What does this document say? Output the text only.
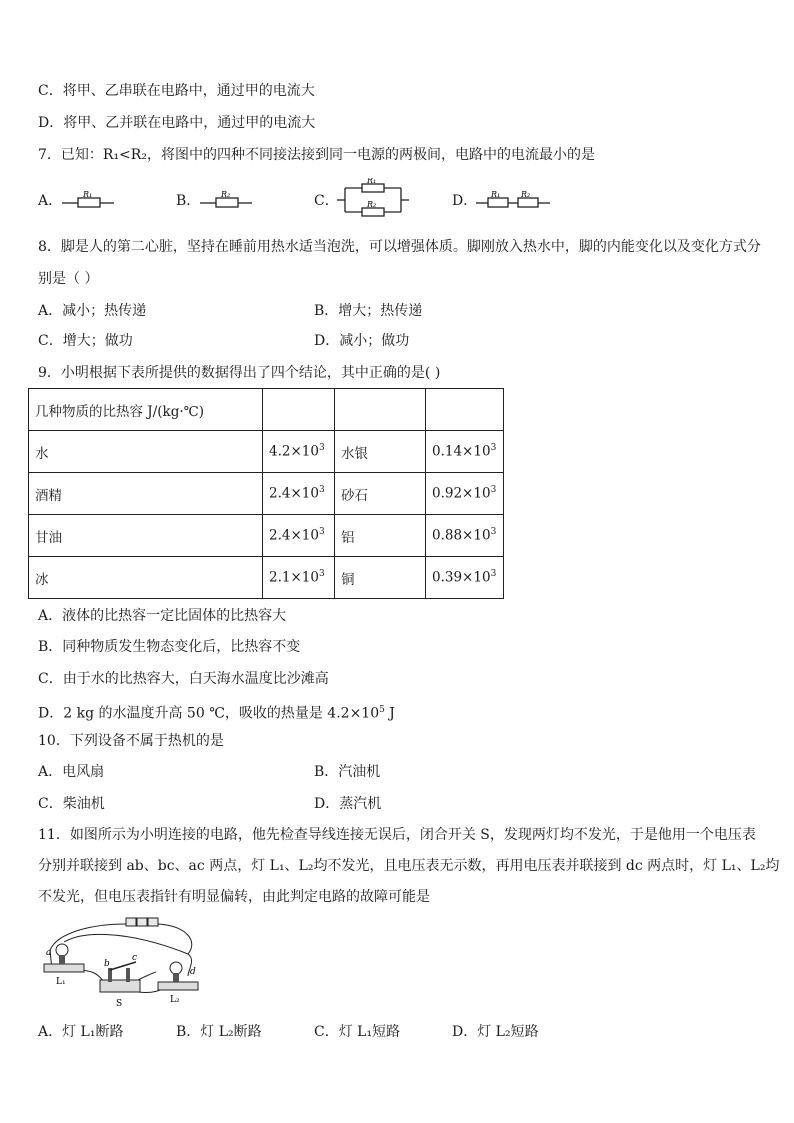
C．将甲、乙串联在电路中，通过甲的电流大
D．将甲、乙并联在电路中，通过甲的电流大
7．已知：R₁<R₂，将图中的四种不同接法接到同一电源的两极间，电路中的电流最小的是
A．	R₁	B．	R₂	C．
R₁
R₂	D． R₁	R₂
8．脚是人的第二心脏，坚持在睡前用热水适当泡洗，可以增强体质。脚刚放入热水中，脚的内能变化以及变化方式分
别是（ ）
A．减小；热传递	B．增大；热传递
C．增大；做功	D．减小；做功
9．小明根据下表所提供的数据得出了四个结论，其中正确的是( )
几种物质的比热容 J/(kg·℃)			
水	$4.2\times 10^3$	水银	$0.14\times 10^3$
酒精	$2.4\times 10^3$	砂石	$0.92\times 10^3$
甘油	$2.4\times 10^3$	铝	$0.88\times 10^3$
冰	$2.1\times 10^3$	铜	$0.39\times 10^3$
A．液体的比热容一定比固体的比热容大
B．同种物质发生物态变化后，比热容不变
C．由于水的比热容大，白天海水温度比沙滩高
D．2 kg 的水温度升高 50 ℃，吸收的热量是 $4.2\times 10^5$ J
10．下列设备不属于热机的是
A．电风扇	B．汽油机
C．柴油机	D．蒸汽机
11．如图所示为小明连接的电路，他先检查导线连接无误后，闭合开关 S，发现两灯均不发光，于是他用一个电压表
分别并联接到 ab、bc、ac 两点，灯 L₁、L₂均不发光，且电压表无示数，再用电压表并联接到 dc 两点时，灯 L₁、L₂均
不发光，但电压表指针有明显偏转，由此判定电路的故障可能是
a
b
c
d
L₁
S	L₂
A．灯 L₁断路	B．灯 L₂断路	C．灯 L₁短路	D．灯 L₂短路
